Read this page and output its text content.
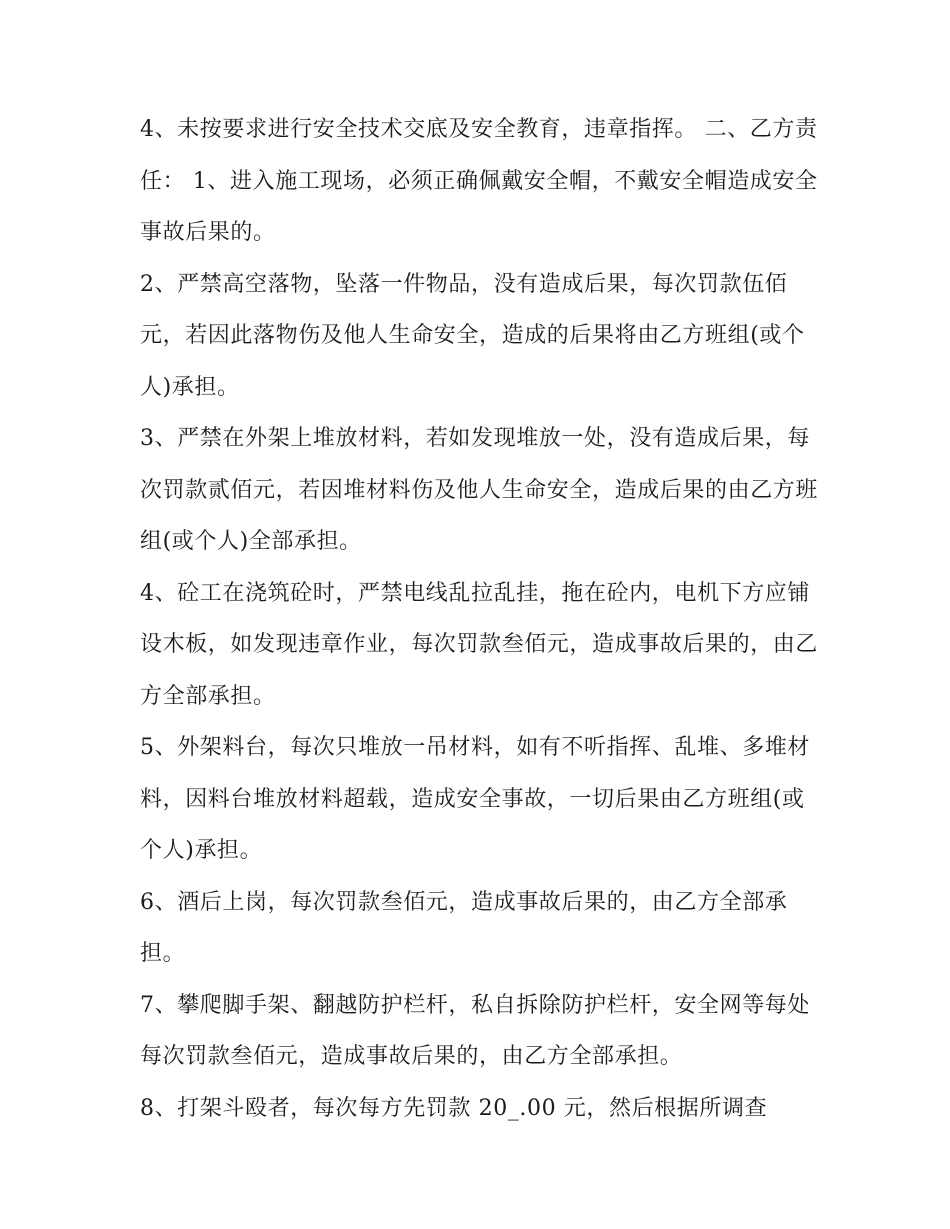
4、未按要求进行安全技术交底及安全教育，违章指挥。 二、乙方责任： 1、进入施工现场，必须正确佩戴安全帽，不戴安全帽造成安全事故后果的。

2、严禁高空落物，坠落一件物品，没有造成后果，每次罚款伍佰元，若因此落物伤及他人生命安全，造成的后果将由乙方班组(或个人)承担。

3、严禁在外架上堆放材料，若如发现堆放一处，没有造成后果，每次罚款贰佰元，若因堆材料伤及他人生命安全，造成后果的由乙方班组(或个人)全部承担。

4、砼工在浇筑砼时，严禁电线乱拉乱挂，拖在砼内，电机下方应铺设木板，如发现违章作业，每次罚款叁佰元，造成事故后果的，由乙方全部承担。

5、外架料台，每次只堆放一吊材料，如有不听指挥、乱堆、多堆材料，因料台堆放材料超载，造成安全事故，一切后果由乙方班组(或个人)承担。

6、酒后上岗，每次罚款叁佰元，造成事故后果的，由乙方全部承担。

7、攀爬脚手架、翻越防护栏杆，私自拆除防护栏杆，安全网等每处每次罚款叁佰元，造成事故后果的，由乙方全部承担。

8、打架斗殴者，每次每方先罚款 20_.00 元，然后根据所调查
